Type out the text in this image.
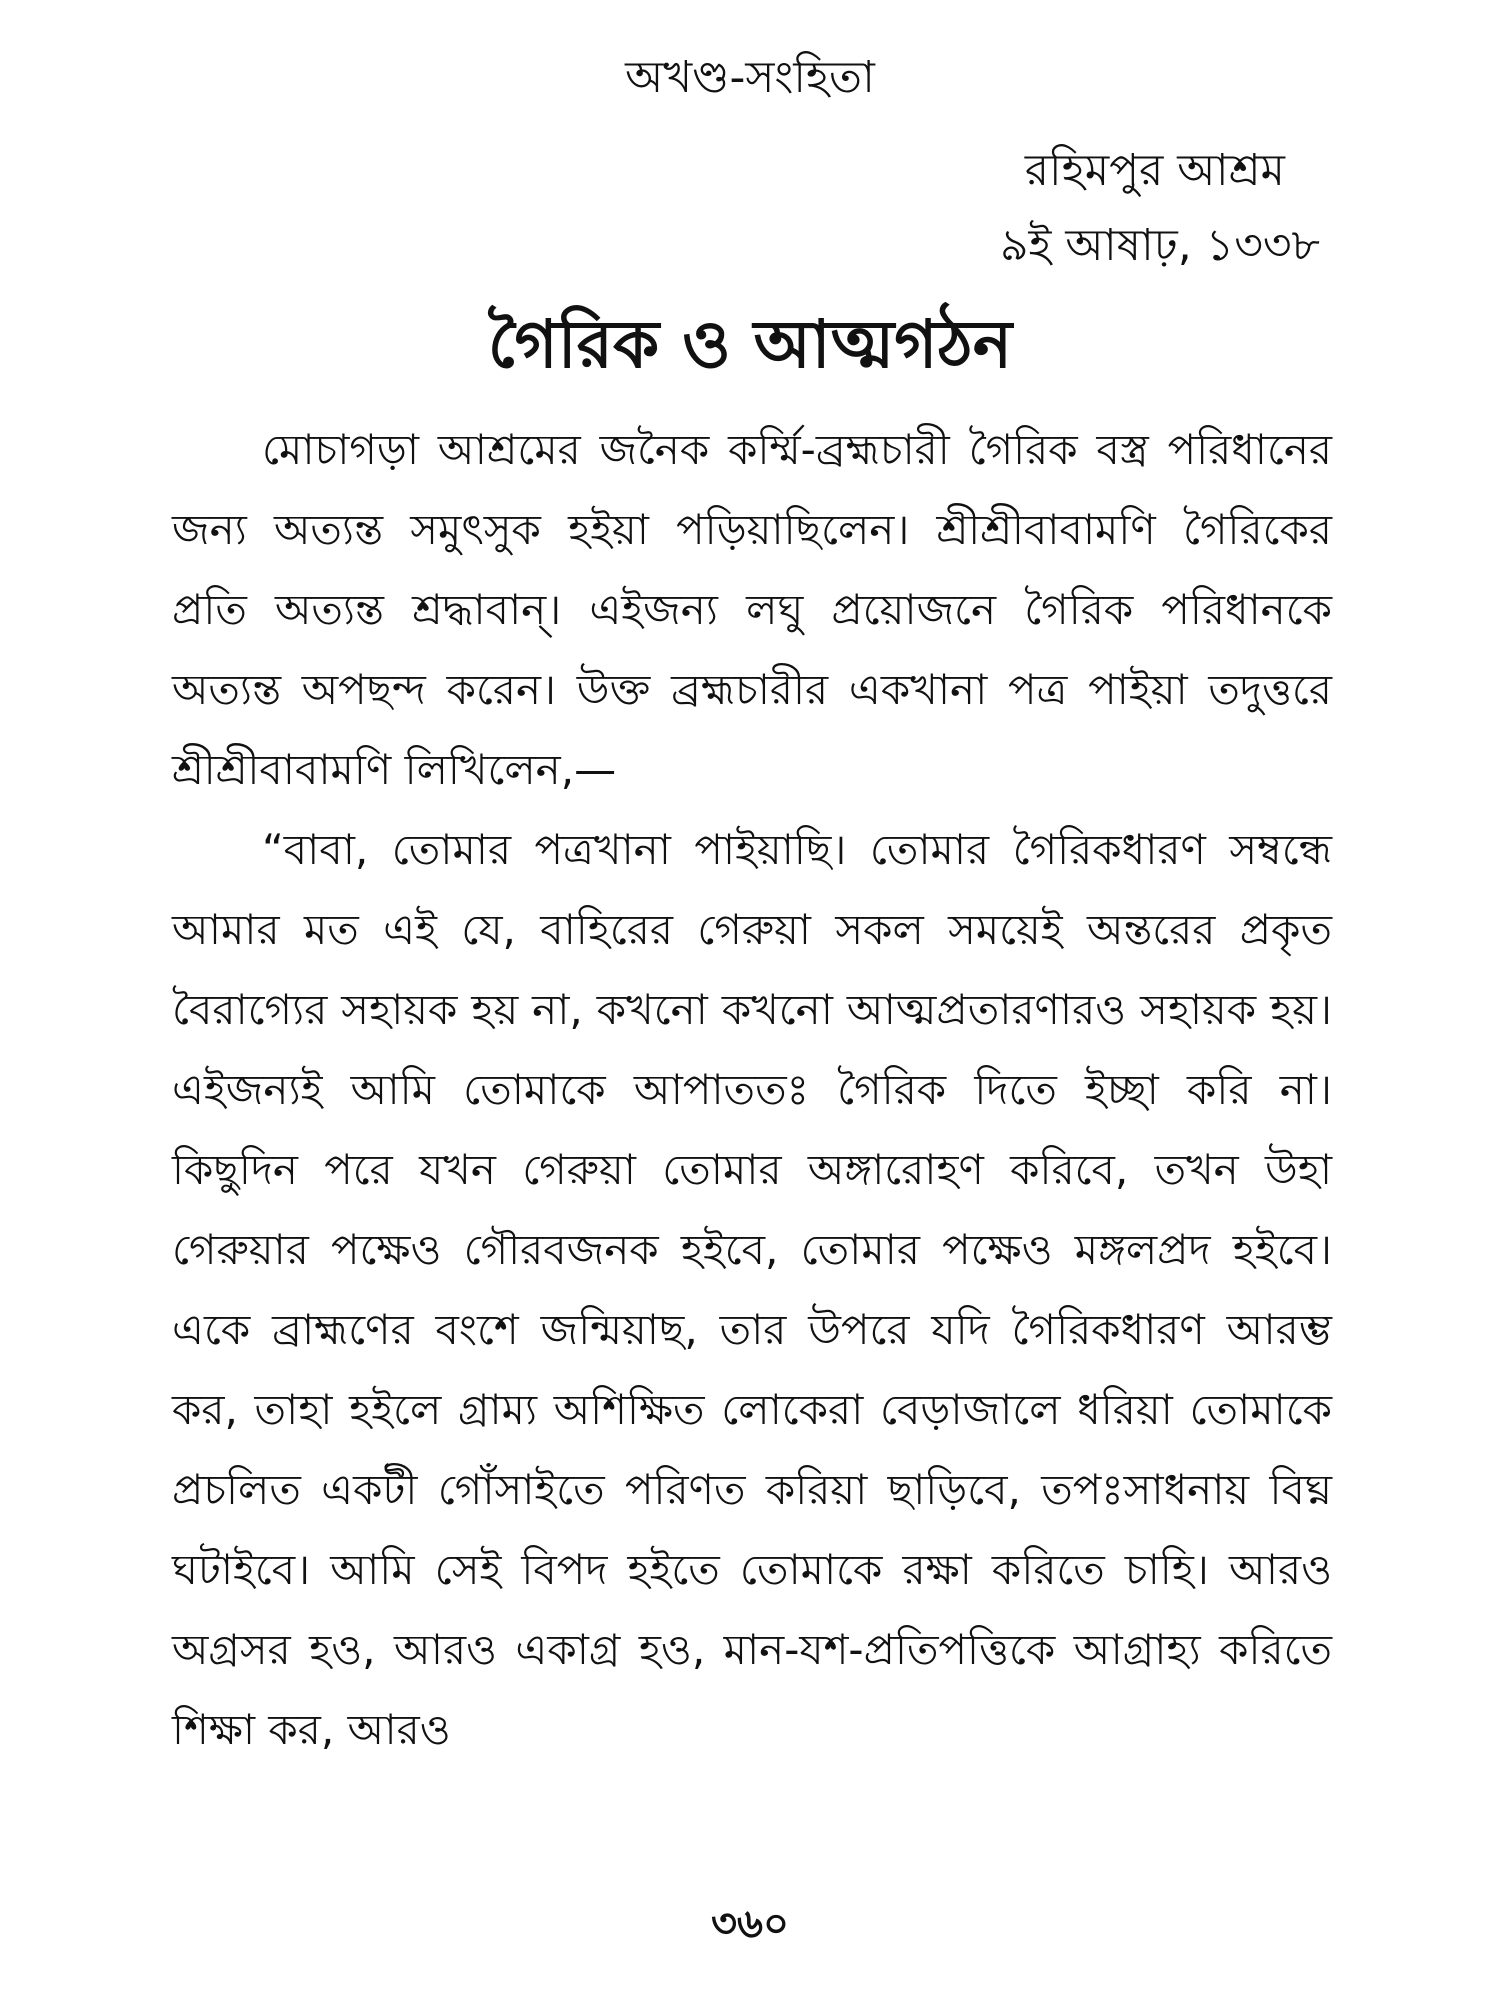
অখণ্ড-সংহিতা
রহিমপুর আশ্রম
৯ই আষাঢ়, ১৩৩৮
গৈরিক ও আত্মগঠন

মোচাগড়া আশ্রমের জনৈক কর্ম্মি-ব্রহ্মচারী গৈরিক বস্ত্র পরিধানের জন্য অত্যন্ত সমুৎসুক হইয়া পড়িয়াছিলেন। শ্রীশ্রীবাবামণি গৈরিকের প্রতি অত্যন্ত শ্রদ্ধাবান্। এইজন্য লঘু প্রয়োজনে গৈরিক পরিধানকে অত্যন্ত অপছন্দ করেন। উক্ত ব্রহ্মচারীর একখানা পত্র পাইয়া তদুত্তরে শ্রীশ্রীবাবামণি লিখিলেন,—

“বাবা, তোমার পত্রখানা পাইয়াছি। তোমার গৈরিকধারণ সম্বন্ধে আমার মত এই যে, বাহিরের গেরুয়া সকল সময়েই অন্তরের প্রকৃত বৈরাগ্যের সহায়ক হয় না, কখনো কখনো আত্মপ্রতারণারও সহায়ক হয়। এইজন্যই আমি তোমাকে আপাততঃ গৈরিক দিতে ইচ্ছা করি না। কিছুদিন পরে যখন গেরুয়া তোমার অঙ্গারোহণ করিবে, তখন উহা গেরুয়ার পক্ষেও গৌরবজনক হইবে, তোমার পক্ষেও মঙ্গলপ্রদ হইবে। একে ব্রাহ্মণের বংশে জন্মিয়াছ, তার উপরে যদি গৈরিকধারণ আরম্ভ কর, তাহা হইলে গ্রাম্য অশিক্ষিত লোকেরা বেড়াজালে ধরিয়া তোমাকে প্রচলিত একটী গোঁসাইতে পরিণত করিয়া ছাড়িবে, তপঃসাধনায় বিঘ্ন ঘটাইবে। আমি সেই বিপদ হইতে তোমাকে রক্ষা করিতে চাহি। আরও অগ্রসর হও, আরও একাগ্র হও, মান-যশ-প্রতিপত্তিকে আগ্রাহ্য করিতে শিক্ষা কর, আরও

৩৬০
